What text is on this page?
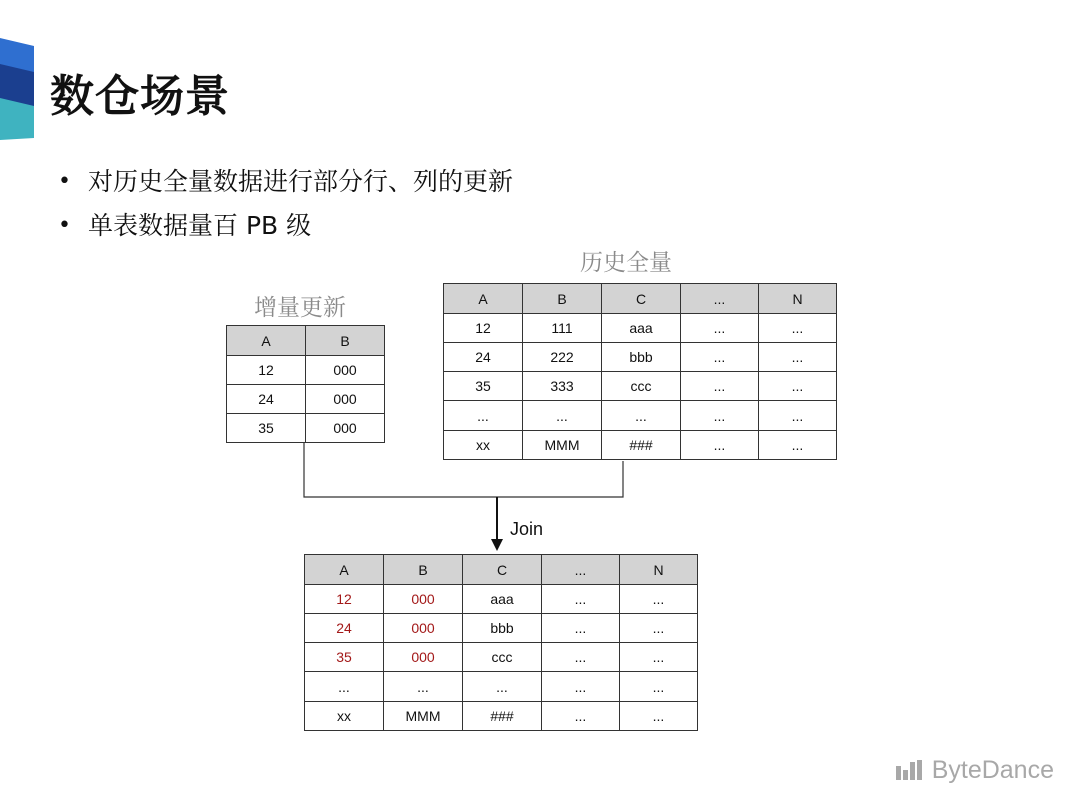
数仓场景
• 对历史全量数据进行部分行、列的更新
• 单表数据量百 PB 级
增量更新
历史全量
A	B
12	000
24	000
35	000
A	B	C	...	N
12	111	aaa	...	...
24	222	bbb	...	...
35	333	ccc	...	...
...	...	...	...	...
xx	MMM	###	...	...
Join
A	B	C	...	N
12	000	aaa	...	...
24	000	bbb	...	...
35	000	ccc	...	...
...	...	...	...	...
xx	MMM	###	...	...
ByteDance
